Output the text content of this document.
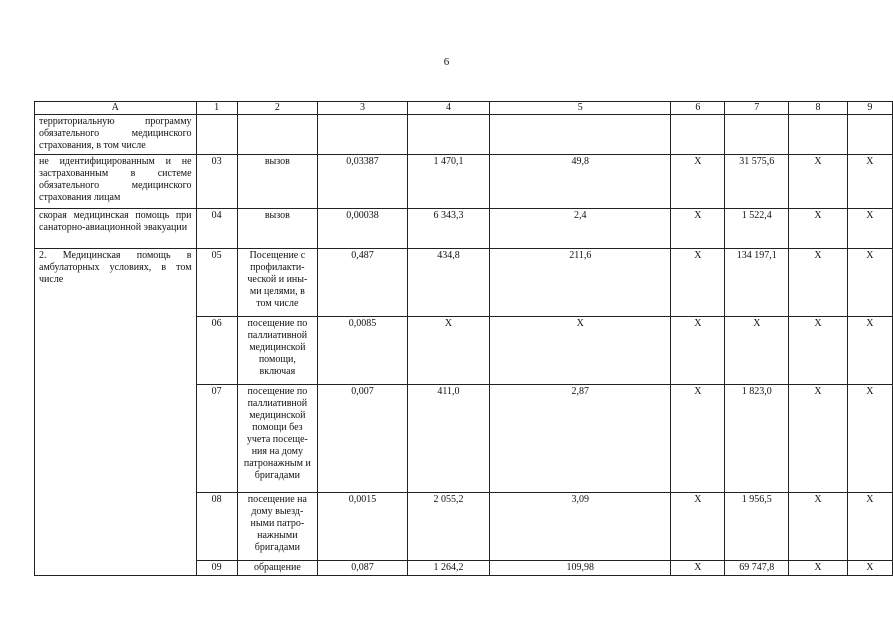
6
A	1	2	3	4	5	6	7	8	9
территориальную программу обязательного медицинского страхования, в том числе									
не идентифицированным и не застрахованным в системе обязательного медицинского страхования лицам	03	вызов	0,03387	1 470,1	49,8	Х	31 575,6	Х	Х
скорая медицинская помощь при санаторно-авиационной эвакуации	04	вызов	0,00038	6 343,3	2,4	Х	1 522,4	Х	Х
2. Медицинская помощь в амбулаторных условиях, в том числе	05	Посещение с профилакти-ческой и ины-ми целями, в том числе	0,487	434,8	211,6	Х	134 197,1	Х	Х
	06	посещение по паллиативной медицинской помощи, включая	0,0085	Х	Х	Х	Х	Х	Х
	07	посещение по паллиативной медицинской помощи без учета посеще-ния на дому патронажным и бригадами	0,007	411,0	2,87	Х	1 823,0	Х	Х
	08	посещение на дому выезд-ными патро-нажными бригадами	0,0015	2 055,2	3,09	Х	1 956,5	Х	Х
	09	обращение	0,087	1 264,2	109,98	Х	69 747,8	Х	Х
